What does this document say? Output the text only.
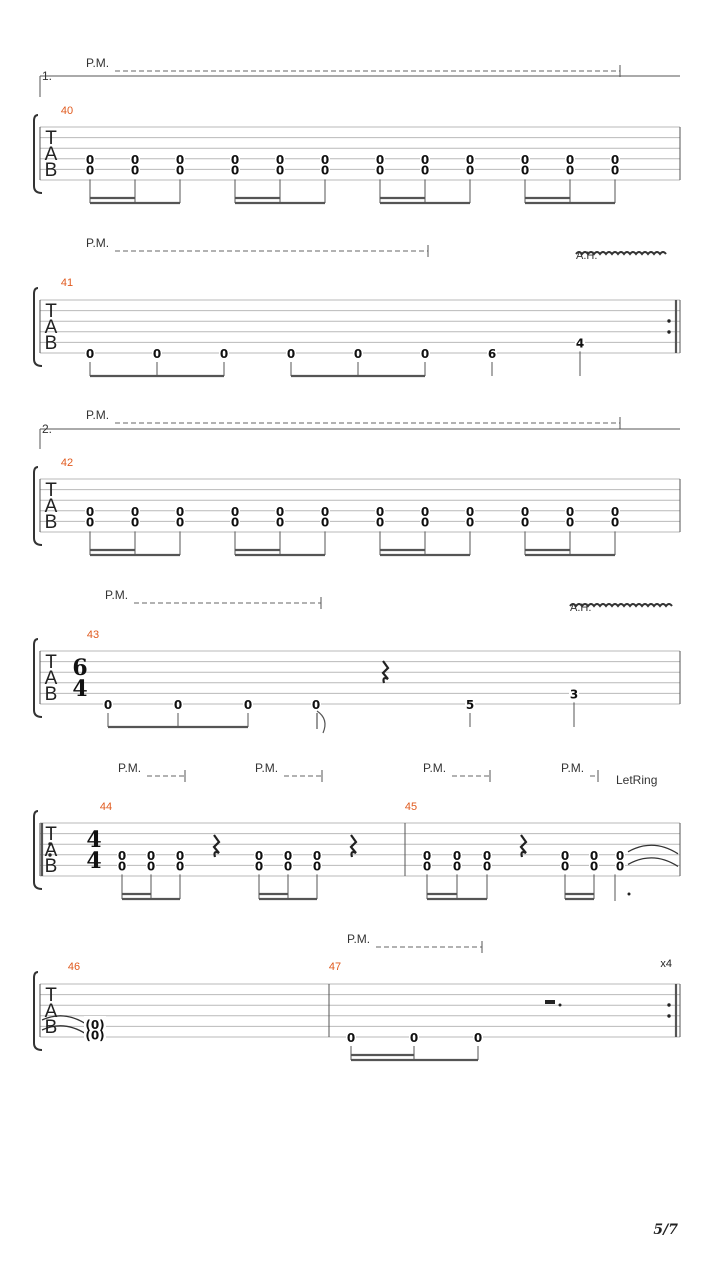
1.
P.M.
T
A
B
40
0
0
0
0
0
0
0
0
0
0
0
0
0
0
0
0
0
0
0
0
0
0
0
0
P.M.
A.H.
T
A
B
41
0	0	0	0	0	0	6
4
2.
P.M.
T
A
B
42
0
0
0
0
0
0
0
0
0
0
0
0
0
0
0
0
0
0
0
0
0
0
0
0
P.M.
A.H.
T
A
B
43
6
4
0	0	0	0	5
3
P.M.	P.M.	P.M.	P.M.
LetRing
T
A
B
44	45
4
4 0
0
0
0
0
0
0
0
0
0
0
0
0
0
0
0
0
0
0
0
0
0
0
0
P.M.
x4
T
A
B
46	47
(0)
(0)	0	0	0
5/7
